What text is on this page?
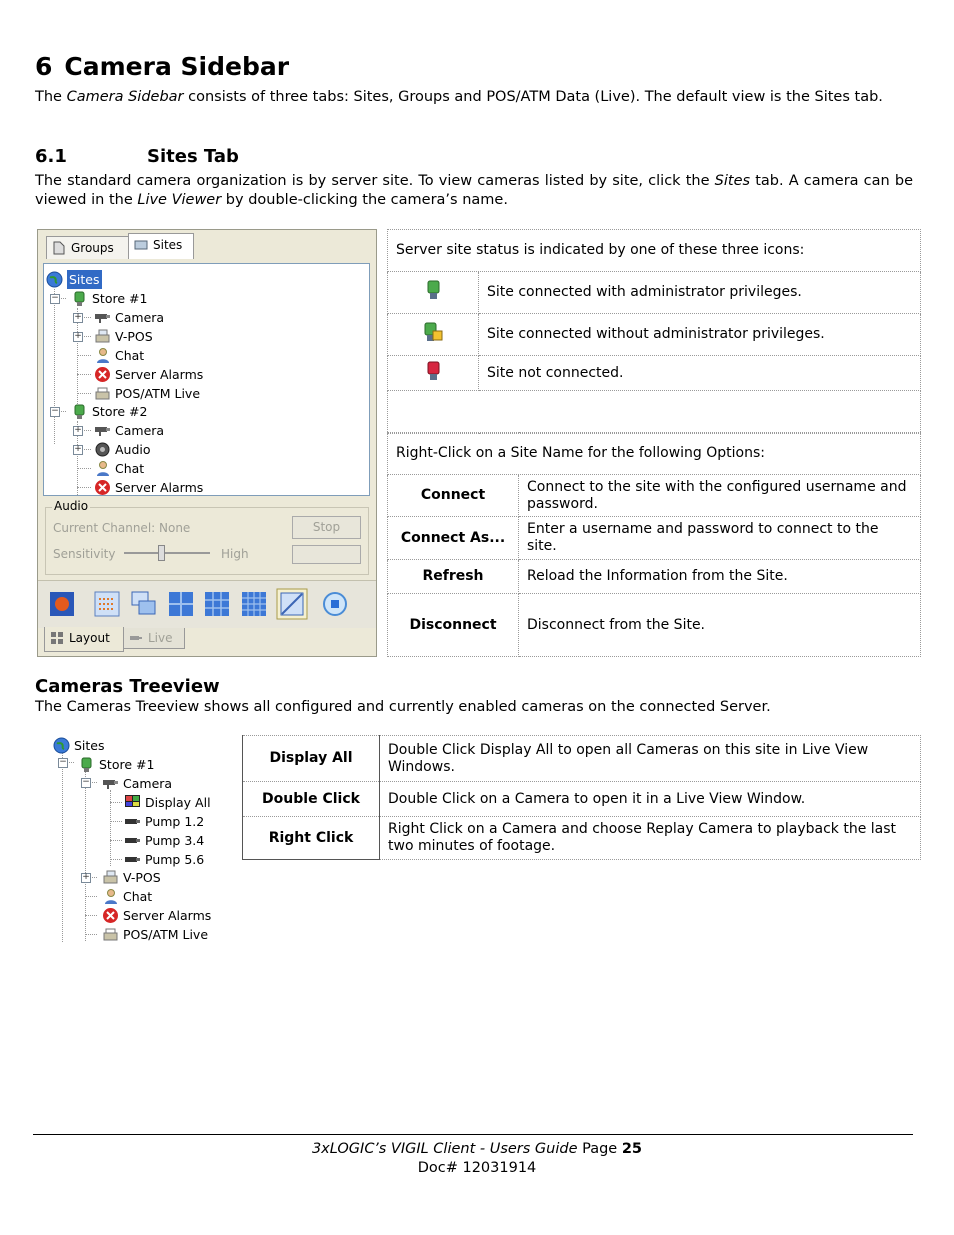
6 Camera Sidebar

The Camera Sidebar consists of three tabs: Sites, Groups and POS/ATM Data (Live). The default view is the Sites tab.

6.1	Sites Tab

The standard camera organization is by server site. To view cameras listed by site, click the Sites tab. A camera can be viewed in the Live Viewer by double-clicking the camera’s name.

Groups	Sites
−
−
Sites
Store #1
+	Camera
+	V-POS
Chat
Server Alarms
POS/ATM Live
Store #2
+	Camera
+	Audio
Chat
Server Alarms
Audio
Current Channel: None	Stop
Sensitivity	High
Layout	Live
Server site status is indicated by one of these three icons:	
	Site connected with administrator privileges.
	Site connected without administrator privileges.
	Site not connected.

Right-Click on a Site Name for the following Options:	
Connect	Connect to the site with the configured username and password.
Connect As...	Enter a username and password to connect to the site.
Refresh	Reload the Information from the Site.
Disconnect	Disconnect from the Site.
Cameras Treeview

The Cameras Treeview shows all configured and currently enabled cameras on the connected Server.

−
−
Sites
Store #1
Camera
Display All
Pump 1.2
Pump 3.4
Pump 5.6
+	V-POS
Chat
Server Alarms
POS/ATM Live
Display All	Double Click Display All to open all Cameras on this site in Live View Windows.
Double Click	Double Click on a Camera to open it in a Live View Window.
Right Click	Right Click on a Camera and choose Replay Camera to playback the last two minutes of footage.
3xLOGIC’s VIGIL Client - Users Guide Page 25
Doc# 12031914
